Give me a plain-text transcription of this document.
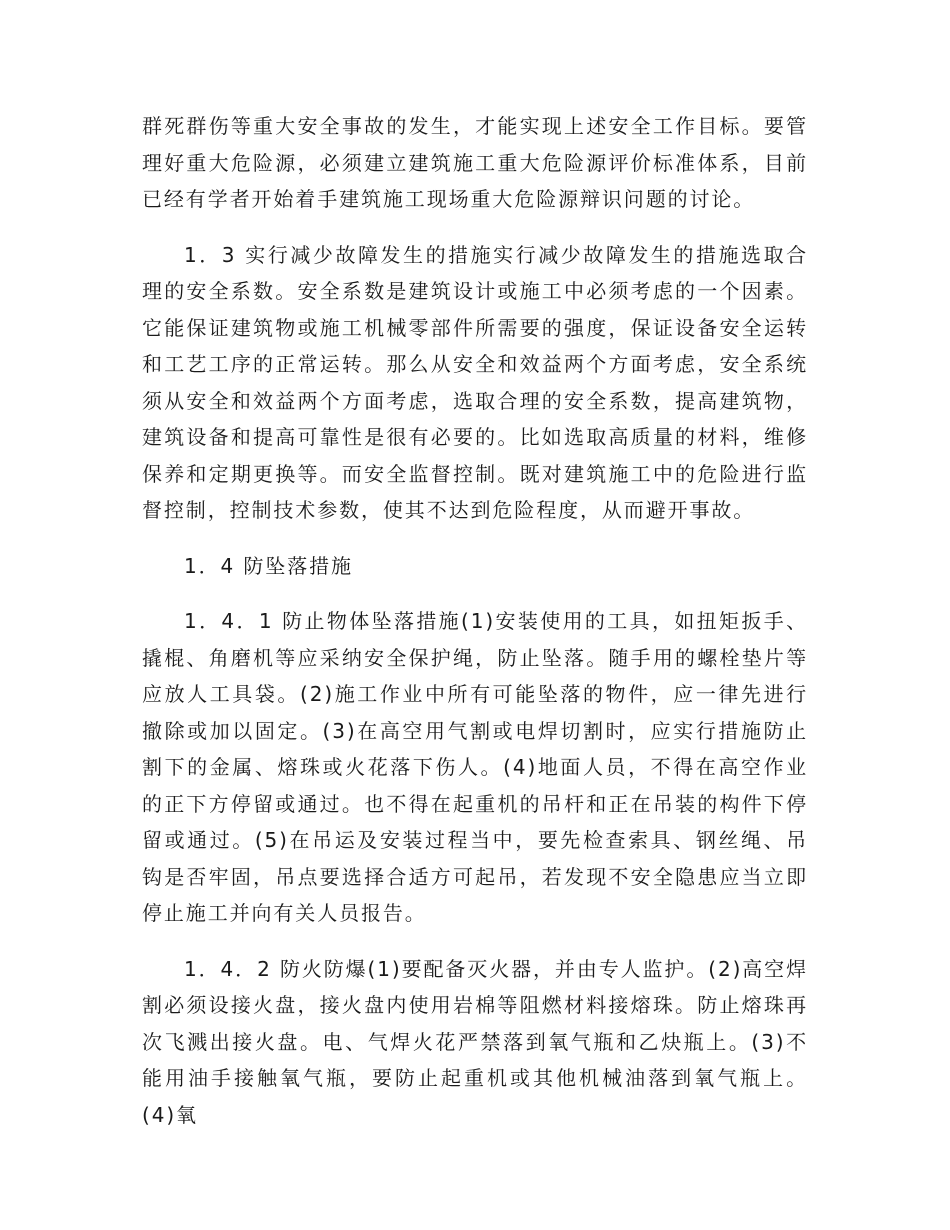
群死群伤等重大安全事故的发生，才能实现上述安全工作目标。要管理好重大危险源，必须建立建筑施工重大危险源评价标准体系，目前已经有学者开始着手建筑施工现场重大危险源辩识问题的讨论。

1．3 实行减少故障发生的措施实行减少故障发生的措施选取合理的安全系数。安全系数是建筑设计或施工中必须考虑的一个因素。它能保证建筑物或施工机械零部件所需要的强度，保证设备安全运转和工艺工序的正常运转。那么从安全和效益两个方面考虑，安全系统须从安全和效益两个方面考虑，选取合理的安全系数，提高建筑物，建筑设备和提高可靠性是很有必要的。比如选取高质量的材料，维修保养和定期更换等。而安全监督控制。既对建筑施工中的危险进行监督控制，控制技术参数，使其不达到危险程度，从而避开事故。

1．4 防坠落措施

1．4．1 防止物体坠落措施(1)安装使用的工具，如扭矩扳手、撬棍、角磨机等应采纳安全保护绳，防止坠落。随手用的螺栓垫片等应放人工具袋。(2)施工作业中所有可能坠落的物件，应一律先进行撤除或加以固定。(3)在高空用气割或电焊切割时，应实行措施防止割下的金属、熔珠或火花落下伤人。(4)地面人员，不得在高空作业的正下方停留或通过。也不得在起重机的吊杆和正在吊装的构件下停留或通过。(5)在吊运及安装过程当中，要先检查索具、钢丝绳、吊钩是否牢固，吊点要选择合适方可起吊，若发现不安全隐患应当立即停止施工并向有关人员报告。

1．4．2 防火防爆(1)要配备灭火器，并由专人监护。(2)高空焊割必须设接火盘，接火盘内使用岩棉等阻燃材料接熔珠。防止熔珠再次飞溅出接火盘。电、气焊火花严禁落到氧气瓶和乙炔瓶上。(3)不能用油手接触氧气瓶，要防止起重机或其他机械油落到氧气瓶上。(4)氧
